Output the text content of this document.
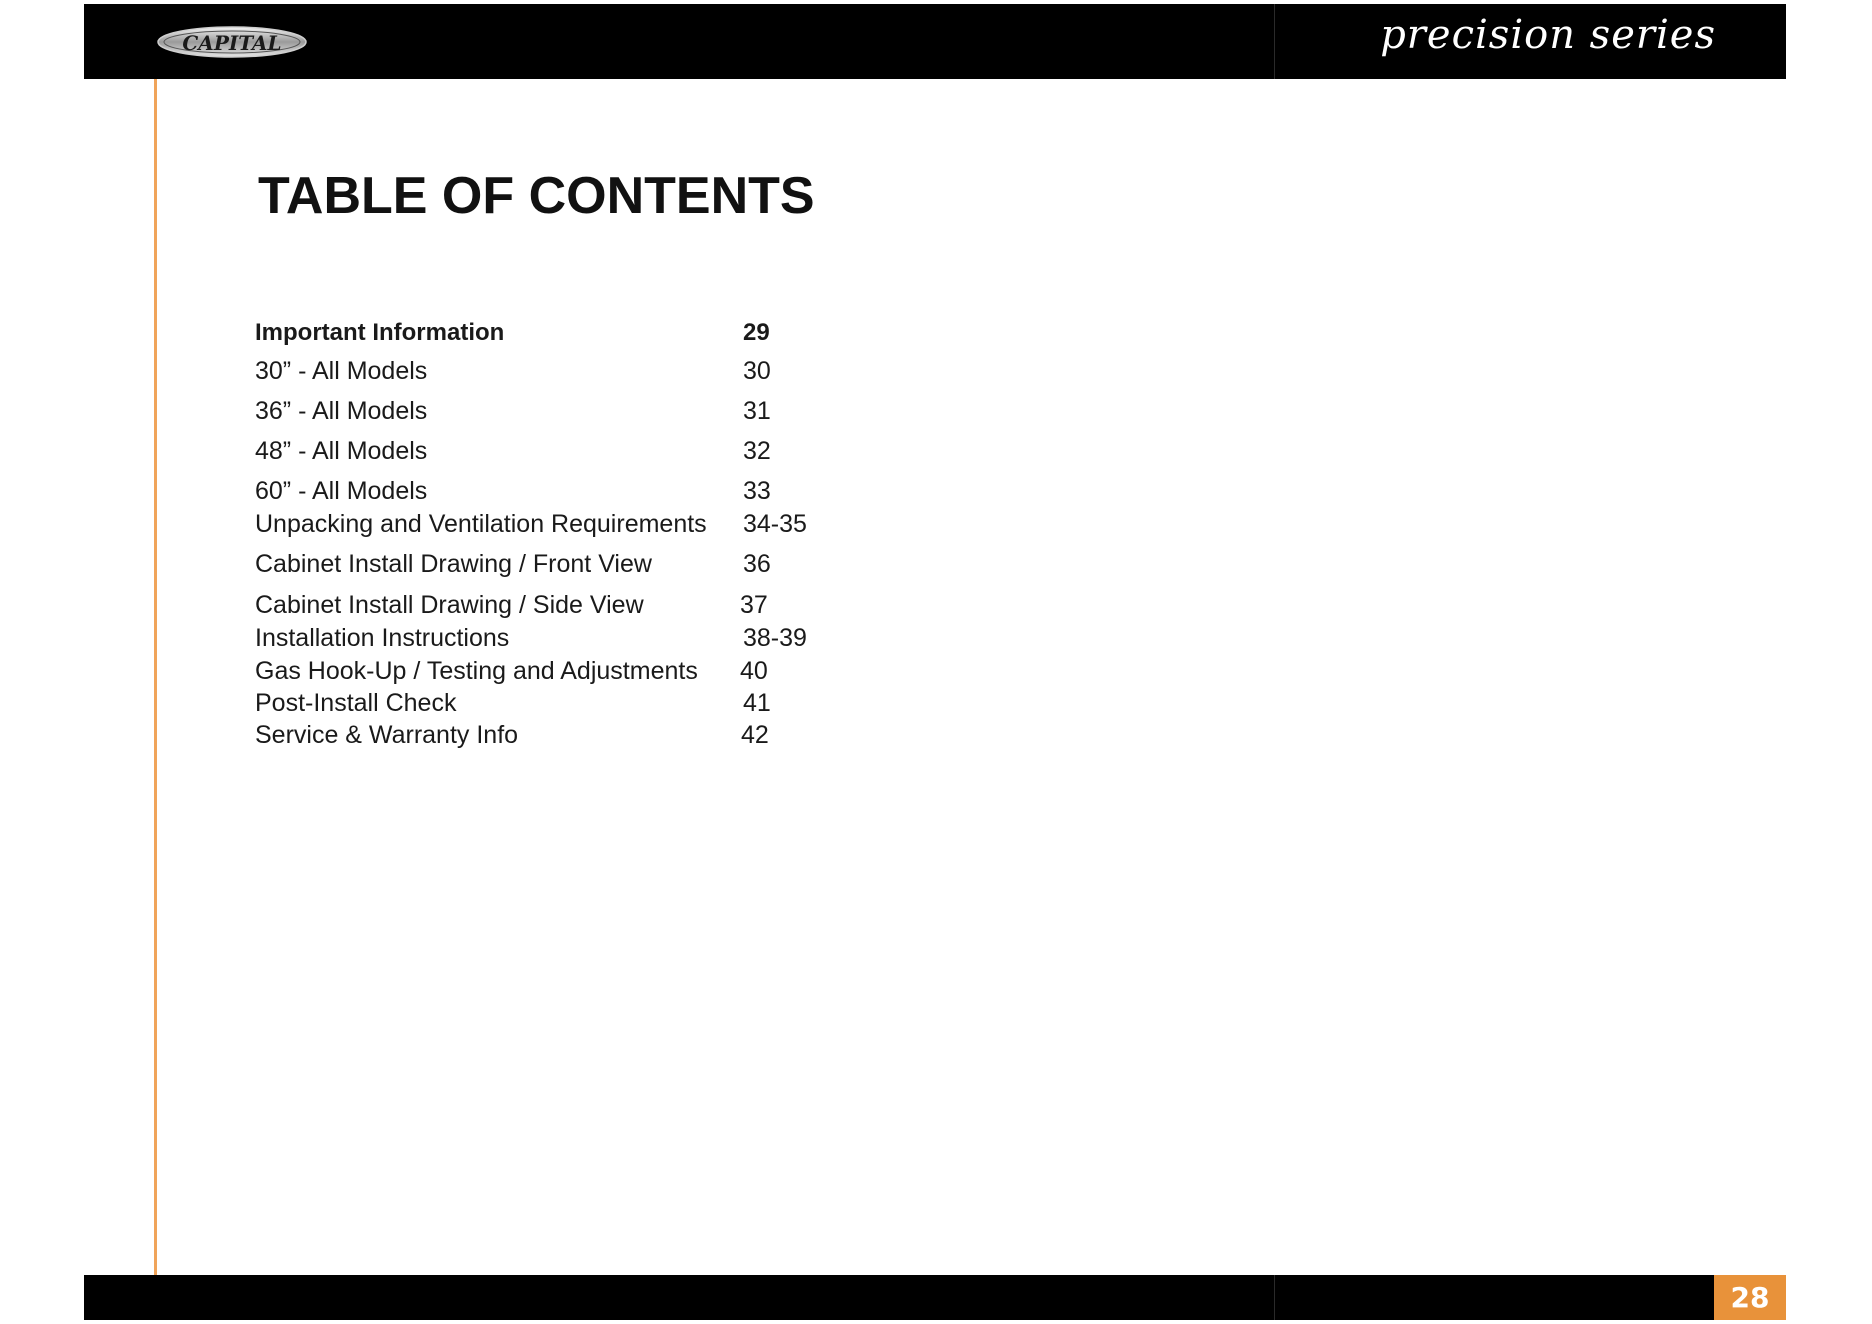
CAPITAL	precision series
TABLE OF CONTENTS
Important Information	29
30” - All Models	30
36” - All Models	31
48” - All Models	32
60” - All Models	33
Unpacking and Ventilation Requirements 34-35
Cabinet Install Drawing / Front View	36
Cabinet Install Drawing / Side View	37
Installation Instructions	38-39
Gas Hook-Up / Testing and Adjustments 40
Post-Install Check	41
Service & Warranty Info	42
28
